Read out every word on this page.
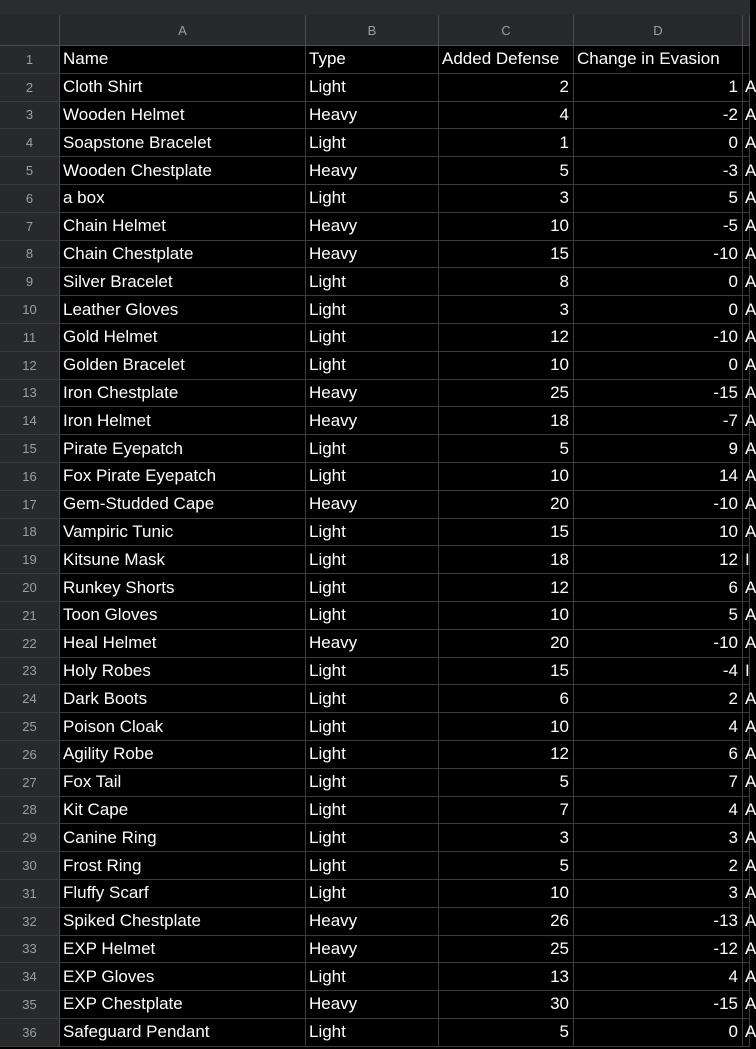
A	B	C	D
1	Name	Type	Added Defense	Change in Evasion
2	Cloth Shirt	Light	2	1 A
3	Wooden Helmet	Heavy	4	-2 A
4	Soapstone Bracelet	Light	1	0 A
5	Wooden Chestplate	Heavy	5	-3 A
6	a box	Light	3	5 A
7	Chain Helmet	Heavy	10	-5 A
8	Chain Chestplate	Heavy	15	-10 A
9	Silver Bracelet	Light	8	0 A
10	Leather Gloves	Light	3	0 A
11	Gold Helmet	Light	12	-10 A
12	Golden Bracelet	Light	10	0 A
13	Iron Chestplate	Heavy	25	-15 A
14	Iron Helmet	Heavy	18	-7 A
15	Pirate Eyepatch	Light	5	9 A
16	Fox Pirate Eyepatch	Light	10	14 A
17	Gem-Studded Cape	Heavy	20	-10 A
18	Vampiric Tunic	Light	15	10 A
19	Kitsune Mask	Light	18	12 I
20	Runkey Shorts	Light	12	6 A
21	Toon Gloves	Light	10	5 A
22	Heal Helmet	Heavy	20	-10 A
23	Holy Robes	Light	15	-4 I
24	Dark Boots	Light	6	2 A
25	Poison Cloak	Light	10	4 A
26	Agility Robe	Light	12	6 A
27	Fox Tail	Light	5	7 A
28	Kit Cape	Light	7	4 A
29	Canine Ring	Light	3	3 A
30	Frost Ring	Light	5	2 A
31	Fluffy Scarf	Light	10	3 A
32	Spiked Chestplate	Heavy	26	-13 A
33	EXP Helmet	Heavy	25	-12 A
34	EXP Gloves	Light	13	4 A
35	EXP Chestplate	Heavy	30	-15 A
36	Safeguard Pendant	Light	5	0 A
